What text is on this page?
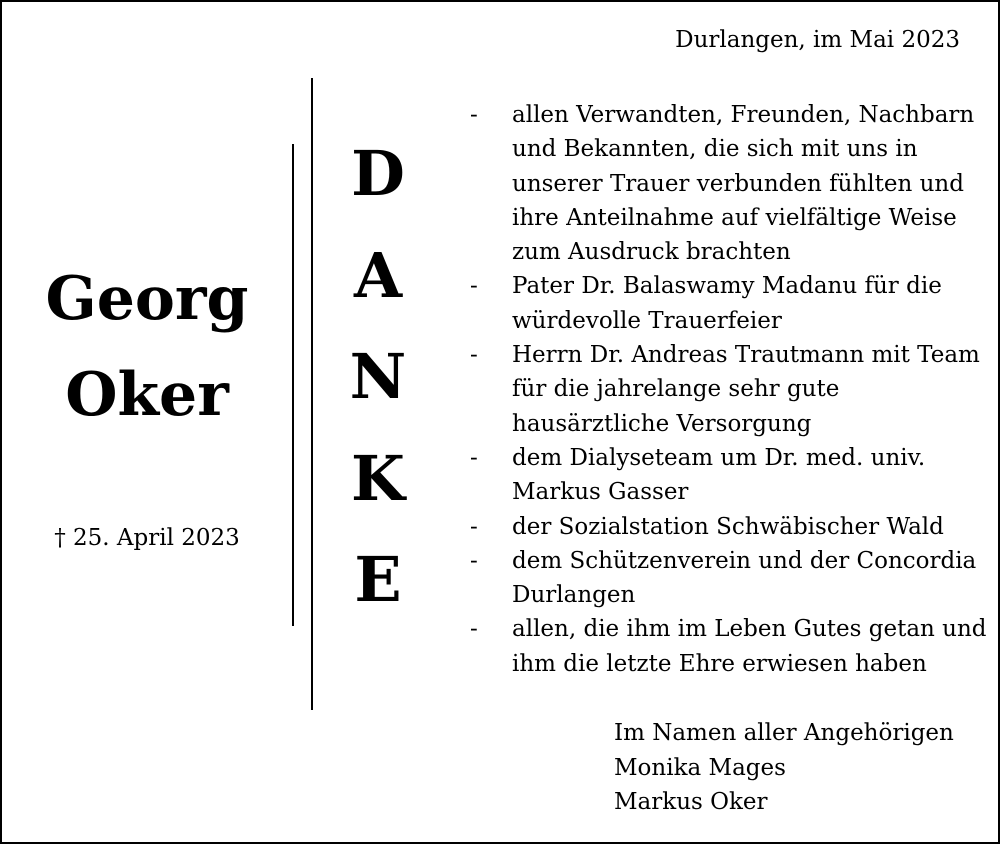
Durlangen, im Mai 2023
Georg
Oker
† 25. April 2023
D
A
N
K
E
- allen Verwandten, Freunden, Nachbarn
und Bekannten, die sich mit uns in
unserer Trauer verbunden fühlten und
ihre Anteilnahme auf vielfältige Weise
zum Ausdruck brachten
- Pater Dr. Balaswamy Madanu für die
würdevolle Trauerfeier
- Herrn Dr. Andreas Trautmann mit Team
für die jahrelange sehr gute
hausärztliche Versorgung
- dem Dialyseteam um Dr. med. univ.
Markus Gasser
- der Sozialstation Schwäbischer Wald
- dem Schützenverein und der Concordia
Durlangen
- allen, die ihm im Leben Gutes getan und
ihm die letzte Ehre erwiesen haben
Im Namen aller Angehörigen
Monika Mages
Markus Oker
